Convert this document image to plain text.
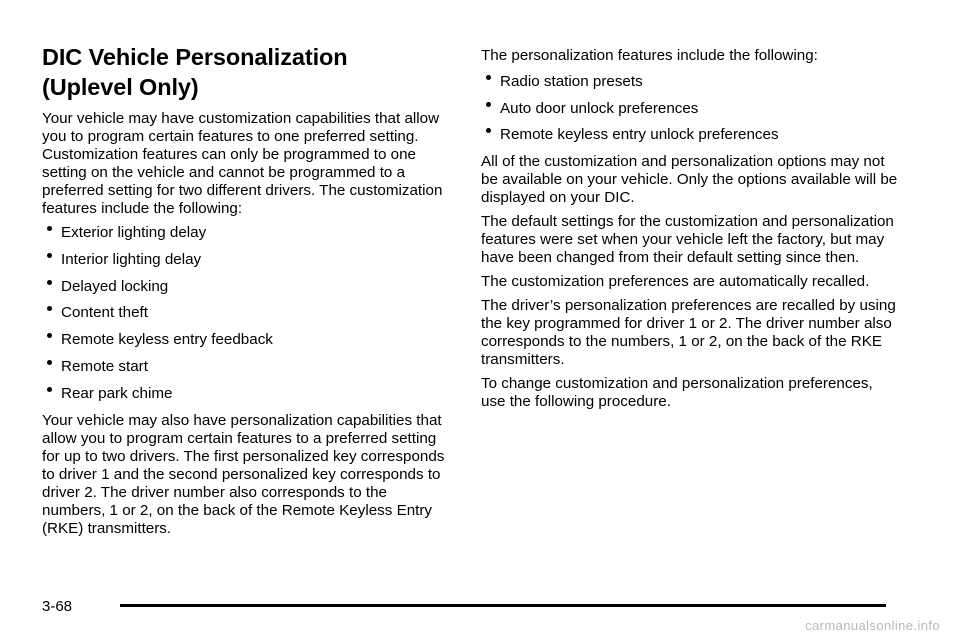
DIC Vehicle Personalization
(Uplevel Only)

Your vehicle may have customization capabilities that allow you to program certain features to one preferred setting. Customization features can only be programmed to one setting on the vehicle and cannot be programmed to a preferred setting for two different drivers. The customization features include the following:

Exterior lighting delay
Interior lighting delay
Delayed locking
Content theft
Remote keyless entry feedback
Remote start
Rear park chime

Your vehicle may also have personalization capabilities that allow you to program certain features to a preferred setting for up to two drivers. The first personalized key corresponds to driver 1 and the second personalized key corresponds to driver 2. The driver number also corresponds to the numbers, 1 or 2, on the back of the Remote Keyless Entry (RKE) transmitters.

The personalization features include the following:

Radio station presets
Auto door unlock preferences
Remote keyless entry unlock preferences

All of the customization and personalization options may not be available on your vehicle. Only the options available will be displayed on your DIC.

The default settings for the customization and personalization features were set when your vehicle left the factory, but may have been changed from their default setting since then.

The customization preferences are automatically recalled.

The driver’s personalization preferences are recalled by using the key programmed for driver 1 or 2. The driver number also corresponds to the numbers, 1 or 2, on the back of the RKE transmitters.

To change customization and personalization preferences, use the following procedure.

3-68
carmanualsonline.info
